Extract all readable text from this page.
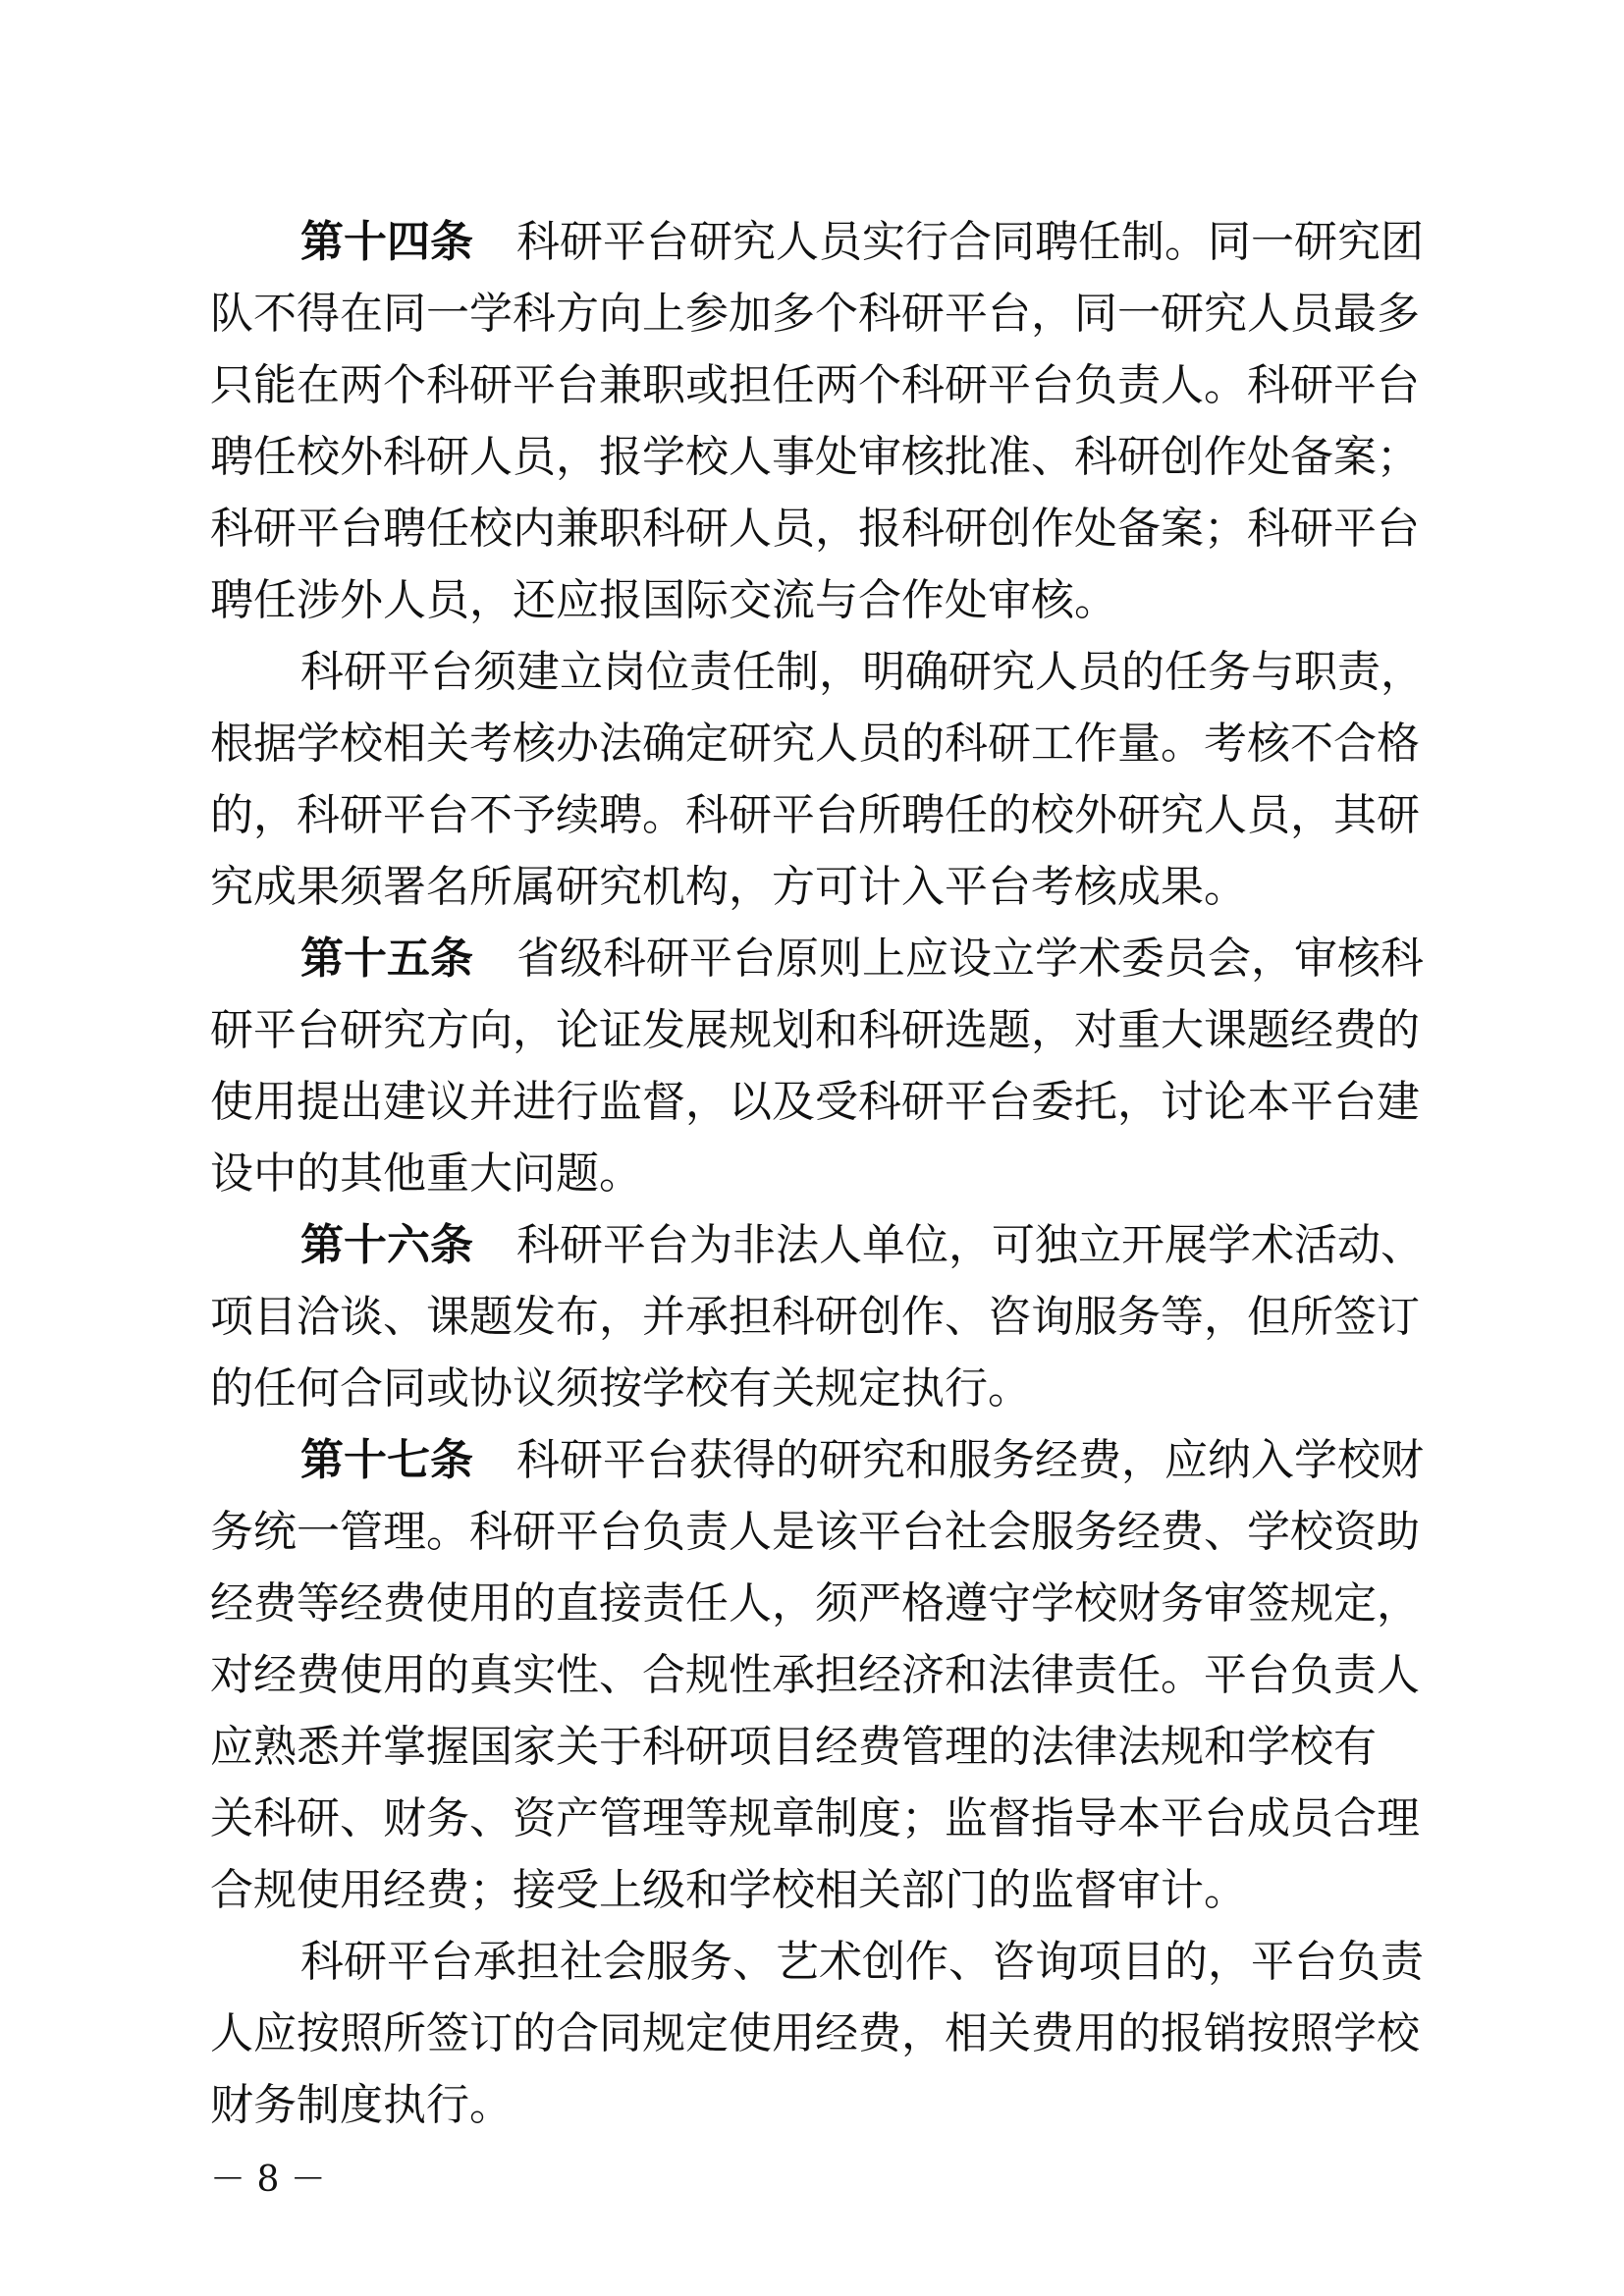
第十四条 科研平台研究人员实行合同聘任制。同一研究团
队不得在同一学科方向上参加多个科研平台，同一研究人员最多
只能在两个科研平台兼职或担任两个科研平台负责人。科研平台
聘任校外科研人员，报学校人事处审核批准、科研创作处备案；
科研平台聘任校内兼职科研人员，报科研创作处备案；科研平台
聘任涉外人员，还应报国际交流与合作处审核。
科研平台须建立岗位责任制，明确研究人员的任务与职责，
根据学校相关考核办法确定研究人员的科研工作量。考核不合格
的，科研平台不予续聘。科研平台所聘任的校外研究人员，其研
究成果须署名所属研究机构，方可计入平台考核成果。
第十五条 省级科研平台原则上应设立学术委员会，审核科
研平台研究方向，论证发展规划和科研选题，对重大课题经费的
使用提出建议并进行监督，以及受科研平台委托，讨论本平台建
设中的其他重大问题。
第十六条 科研平台为非法人单位，可独立开展学术活动、
项目洽谈、课题发布，并承担科研创作、咨询服务等，但所签订
的任何合同或协议须按学校有关规定执行。
第十七条 科研平台获得的研究和服务经费，应纳入学校财
务统一管理。科研平台负责人是该平台社会服务经费、学校资助
经费等经费使用的直接责任人，须严格遵守学校财务审签规定，
对经费使用的真实性、合规性承担经济和法律责任。平台负责人
应熟悉并掌握国家关于科研项目经费管理的法律法规和学校有
关科研、财务、资产管理等规章制度；监督指导本平台成员合理
合规使用经费；接受上级和学校相关部门的监督审计。
科研平台承担社会服务、艺术创作、咨询项目的，平台负责
人应按照所签订的合同规定使用经费，相关费用的报销按照学校
财务制度执行。
－ 8 －
